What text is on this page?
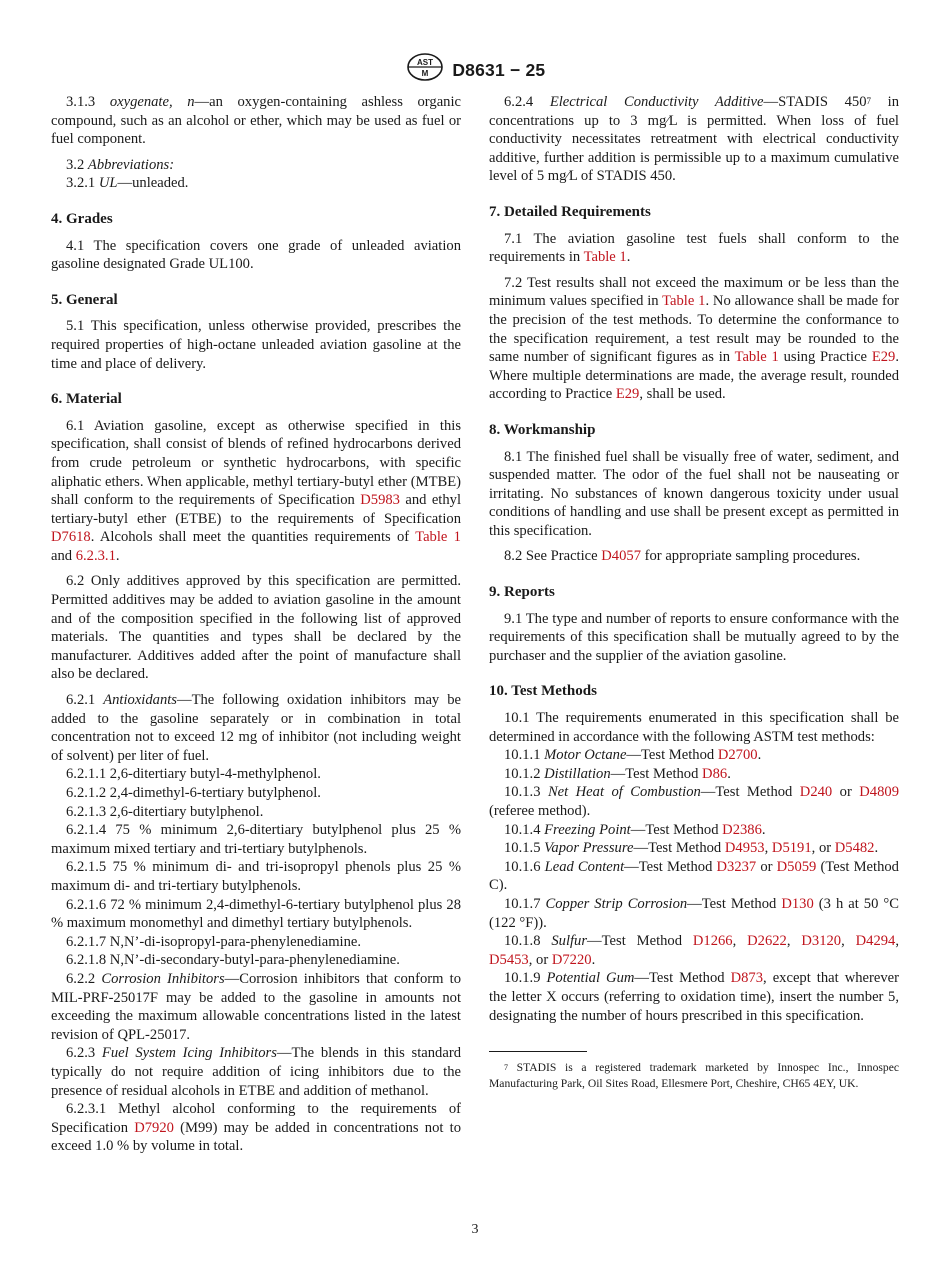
AST
M D8631 − 25

3.1.3 oxygenate, n—an oxygen-containing ashless organic compound, such as an alcohol or ether, which may be used as fuel or fuel component.

3.2 Abbreviations:

3.2.1 UL—unleaded.

4. Grades

4.1 The specification covers one grade of unleaded aviation gasoline designated Grade UL100.

5. General

5.1 This specification, unless otherwise provided, prescribes the required properties of high-octane unleaded aviation gasoline at the time and place of delivery.

6. Material

6.1 Aviation gasoline, except as otherwise specified in this specification, shall consist of blends of refined hydrocarbons derived from crude petroleum or synthetic hydrocarbons, with specific aliphatic ethers. When applicable, methyl tertiary-butyl ether (MTBE) shall conform to the requirements of Specification D5983 and ethyl tertiary-butyl ether (ETBE) to the requirements of Specification D7618. Alcohols shall meet the quantities requirements of Table 1 and 6.2.3.1.

6.2 Only additives approved by this specification are permitted. Permitted additives may be added to aviation gasoline in the amount and of the composition specified in the following list of approved materials. The quantities and types shall be declared by the manufacturer. Additives added after the point of manufacture shall also be declared.

6.2.1 Antioxidants—The following oxidation inhibitors may be added to the gasoline separately or in combination in total concentration not to exceed 12 mg of inhibitor (not including weight of solvent) per liter of fuel.

6.2.1.1 2,6-ditertiary butyl-4-methylphenol.

6.2.1.2 2,4-dimethyl-6-tertiary butylphenol.

6.2.1.3 2,6-ditertiary butylphenol.

6.2.1.4 75 % minimum 2,6-ditertiary butylphenol plus 25 % maximum mixed tertiary and tri-tertiary butylphenols.

6.2.1.5 75 % minimum di- and tri-isopropyl phenols plus 25 % maximum di- and tri-tertiary butylphenols.

6.2.1.6 72 % minimum 2,4-dimethyl-6-tertiary butylphenol plus 28 % maximum monomethyl and dimethyl tertiary butylphenols.

6.2.1.7 N,N’-di-isopropyl-para-phenylenediamine.

6.2.1.8 N,N’-di-secondary-butyl-para-phenylenediamine.

6.2.2 Corrosion Inhibitors—Corrosion inhibitors that conform to MIL-PRF-25017F may be added to the gasoline in amounts not exceeding the maximum allowable concentrations listed in the latest revision of QPL-25017.

6.2.3 Fuel System Icing Inhibitors—The blends in this standard typically do not require addition of icing inhibitors due to the presence of residual alcohols in ETBE and addition of methanol.

6.2.3.1 Methyl alcohol conforming to the requirements of Specification D7920 (M99) may be added in concentrations not to exceed 1.0 % by volume in total.

6.2.4 Electrical Conductivity Additive—STADIS $450^7$ in concentrations up to 3 mg⁄L is permitted. When loss of fuel conductivity necessitates retreatment with electrical conductivity additive, further addition is permissible up to a maximum cumulative level of 5 mg⁄L of STADIS 450.

7. Detailed Requirements

7.1 The aviation gasoline test fuels shall conform to the requirements in Table 1.

7.2 Test results shall not exceed the maximum or be less than the minimum values specified in Table 1. No allowance shall be made for the precision of the test methods. To determine the conformance to the specification requirement, a test result may be rounded to the same number of significant figures as in Table 1 using Practice E29. Where multiple determinations are made, the average result, rounded according to Practice E29, shall be used.

8. Workmanship

8.1 The finished fuel shall be visually free of water, sediment, and suspended matter. The odor of the fuel shall not be nauseating or irritating. No substances of known dangerous toxicity under usual conditions of handling and use shall be present except as permitted in this specification.

8.2 See Practice D4057 for appropriate sampling procedures.

9. Reports

9.1 The type and number of reports to ensure conformance with the requirements of this specification shall be mutually agreed to by the purchaser and the supplier of the aviation gasoline.

10. Test Methods

10.1 The requirements enumerated in this specification shall be determined in accordance with the following ASTM test methods:

10.1.1 Motor Octane—Test Method D2700.

10.1.2 Distillation—Test Method D86.

10.1.3 Net Heat of Combustion—Test Method D240 or D4809 (referee method).

10.1.4 Freezing Point—Test Method D2386.

10.1.5 Vapor Pressure—Test Method D4953, D5191, or D5482.

10.1.6 Lead Content—Test Method D3237 or D5059 (Test Method C).

10.1.7 Copper Strip Corrosion—Test Method D130 (3 h at 50 °C (122 °F)).

10.1.8 Sulfur—Test Method D1266, D2622, D3120, D4294, D5453, or D7220.

10.1.9 Potential Gum—Test Method D873, except that wherever the letter X occurs (referring to oxidation time), insert the number 5, designating the number of hours prescribed in this specification.

$^7$ STADIS is a registered trademark marketed by Innospec Inc., Innospec Manufacturing Park, Oil Sites Road, Ellesmere Port, Cheshire, CH65 4EY, UK.

3
